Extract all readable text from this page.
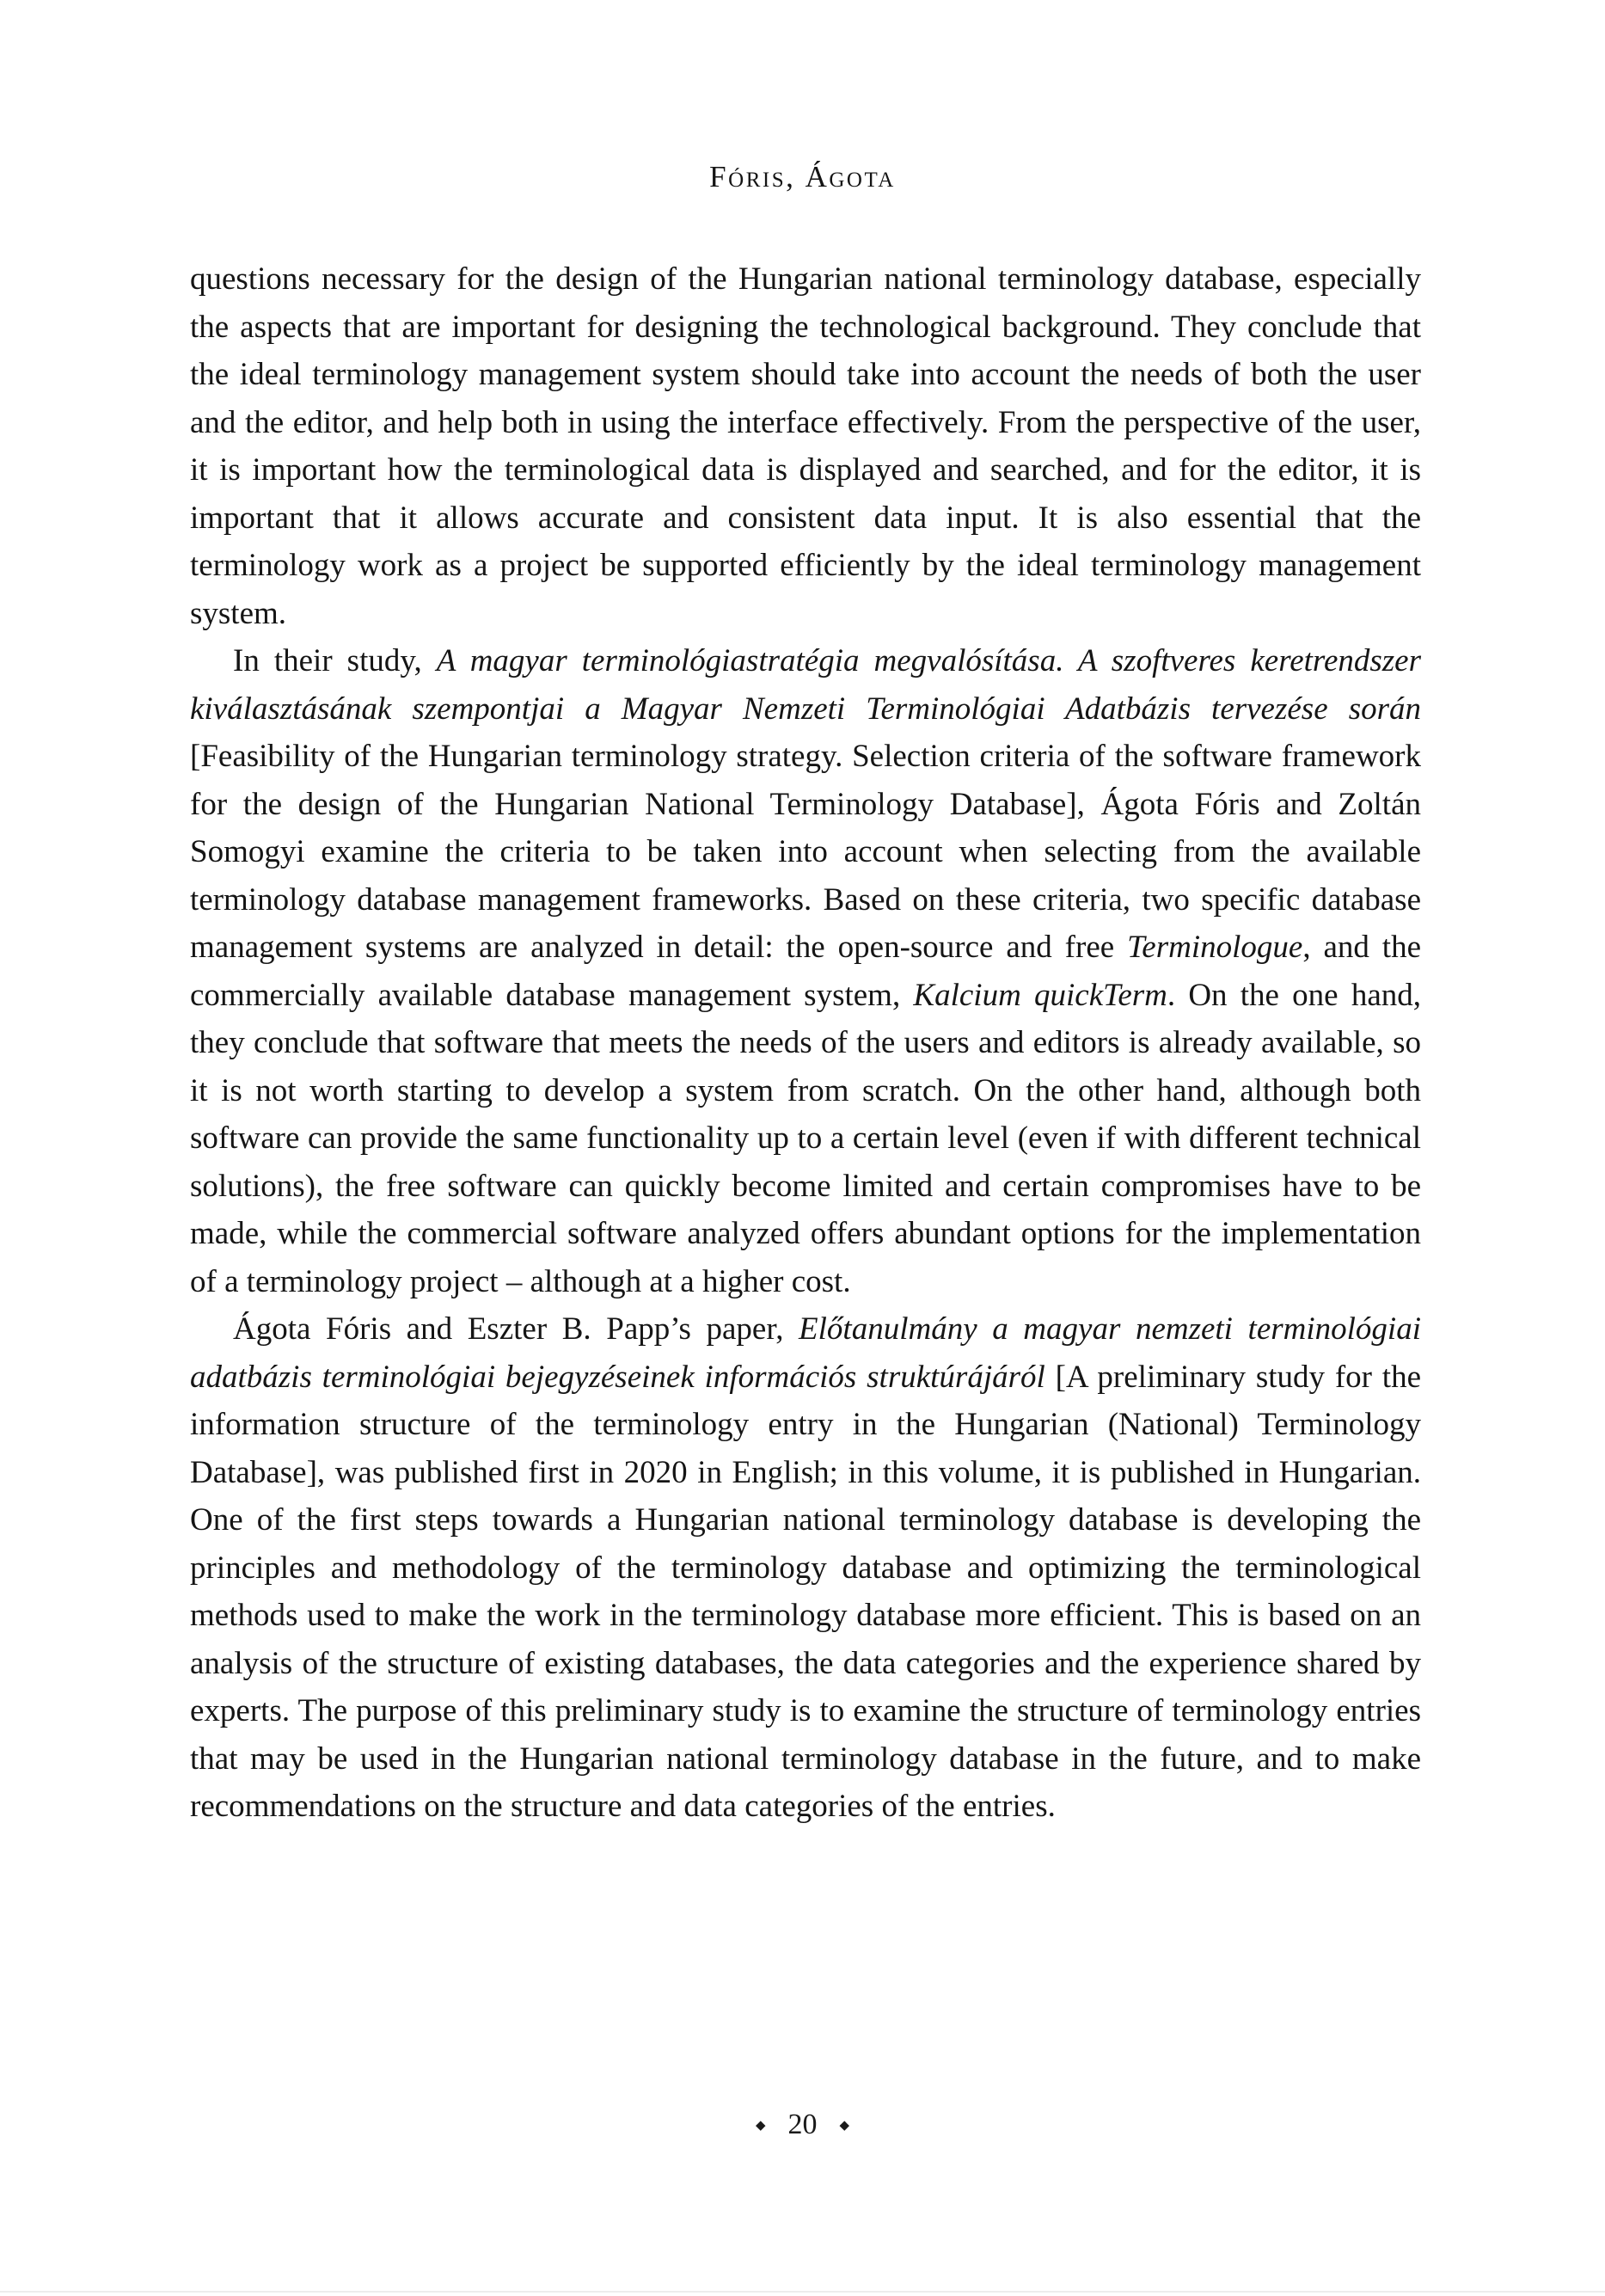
Fóris, Ágota
questions necessary for the design of the Hungarian national terminology database, especially the aspects that are important for designing the technological background. They conclude that the ideal terminology management system should take into account the needs of both the user and the editor, and help both in using the interface effectively. From the perspective of the user, it is important how the terminological data is displayed and searched, and for the editor, it is important that it allows accurate and consistent data input. It is also essential that the terminology work as a project be supported efficiently by the ideal terminology management system.
In their study, A magyar terminológiastratégia megvalósítása. A szoftveres keretrendszer kiválasztásának szempontjai a Magyar Nemzeti Terminológiai Adatbázis tervezése során [Feasibility of the Hungarian terminology strategy. Selection criteria of the software framework for the design of the Hungarian National Terminology Database], Ágota Fóris and Zoltán Somogyi examine the criteria to be taken into account when selecting from the available terminology database management frameworks. Based on these criteria, two specific database management systems are analyzed in detail: the open-source and free Terminologue, and the commercially available database management system, Kalcium quickTerm. On the one hand, they conclude that software that meets the needs of the users and editors is already available, so it is not worth starting to develop a system from scratch. On the other hand, although both software can provide the same functionality up to a certain level (even if with different technical solutions), the free software can quickly become limited and certain compromises have to be made, while the commercial software analyzed offers abundant options for the implementation of a terminology project – although at a higher cost.
Ágota Fóris and Eszter B. Papp’s paper, Előtanulmány a magyar nemzeti terminológiai adatbázis terminológiai bejegyzéseinek információs struktúrájáról [A preliminary study for the information structure of the terminology entry in the Hungarian (National) Terminology Database], was published first in 2020 in English; in this volume, it is published in Hungarian. One of the first steps towards a Hungarian national terminology database is developing the principles and methodology of the terminology database and optimizing the terminological methods used to make the work in the terminology database more efficient. This is based on an analysis of the structure of existing databases, the data categories and the experience shared by experts. The purpose of this preliminary study is to examine the structure of terminology entries that may be used in the Hungarian national terminology database in the future, and to make recommendations on the structure and data categories of the entries.
◆ 20 ◆
